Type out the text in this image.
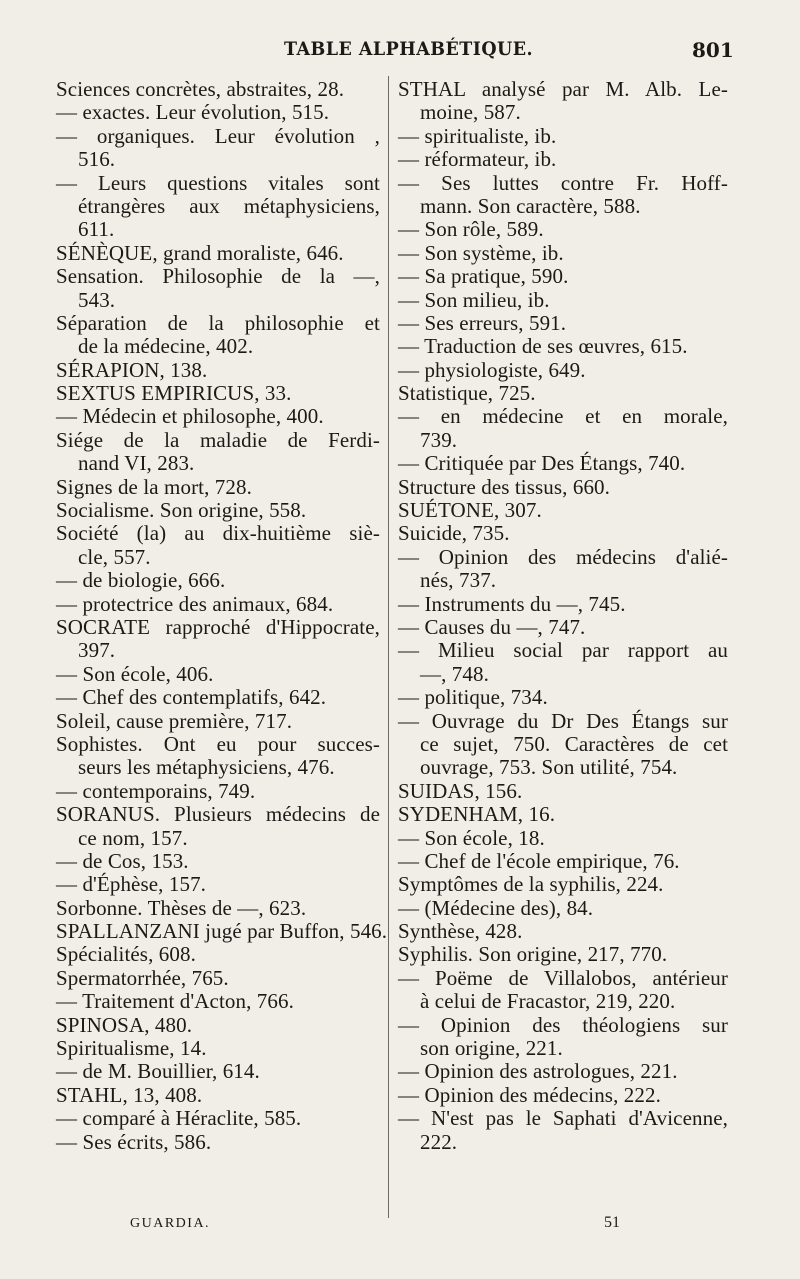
TABLE ALPHABÉTIQUE.	801
Sciences concrètes, abstraites, 28.
— exactes. Leur évolution, 515.
— organiques. Leur évolution ,
516.
— Leurs questions vitales sont
étrangères aux métaphysiciens,
611.
SÉNÈQUE, grand moraliste, 646.
Sensation. Philosophie de la —,
543.
Séparation de la philosophie et
de la médecine, 402.
SÉRAPION, 138.
SEXTUS EMPIRICUS, 33.
— Médecin et philosophe, 400.
Siége de la maladie de Ferdi-
nand VI, 283.
Signes de la mort, 728.
Socialisme. Son origine, 558.
Société (la) au dix-huitième siè-
cle, 557.
— de biologie, 666.
— protectrice des animaux, 684.
SOCRATE rapproché d'Hippocrate,
397.
— Son école, 406.
— Chef des contemplatifs, 642.
Soleil, cause première, 717.
Sophistes. Ont eu pour succes-
seurs les métaphysiciens, 476.
— contemporains, 749.
SORANUS. Plusieurs médecins de
ce nom, 157.
— de Cos, 153.
— d'Éphèse, 157.
Sorbonne. Thèses de —, 623.
SPALLANZANI jugé par Buffon, 546.
Spécialités, 608.
Spermatorrhée, 765.
— Traitement d'Acton, 766.
SPINOSA, 480.
Spiritualisme, 14.
— de M. Bouillier, 614.
STAHL, 13, 408.
— comparé à Héraclite, 585.
— Ses écrits, 586.
STHAL analysé par M. Alb. Le-
moine, 587.
— spiritualiste, ib.
— réformateur, ib.
— Ses luttes contre Fr. Hoff-
mann. Son caractère, 588.
— Son rôle, 589.
— Son système, ib.
— Sa pratique, 590.
— Son milieu, ib.
— Ses erreurs, 591.
— Traduction de ses œuvres, 615.
— physiologiste, 649.
Statistique, 725.
— en médecine et en morale,
739.
— Critiquée par Des Étangs, 740.
Structure des tissus, 660.
SUÉTONE, 307.
Suicide, 735.
— Opinion des médecins d'alié-
nés, 737.
— Instruments du —, 745.
— Causes du —, 747.
— Milieu social par rapport au
—, 748.
— politique, 734.
— Ouvrage du Dr Des Étangs sur
ce sujet, 750. Caractères de cet
ouvrage, 753. Son utilité, 754.
SUIDAS, 156.
SYDENHAM, 16.
— Son école, 18.
— Chef de l'école empirique, 76.
Symptômes de la syphilis, 224.
— (Médecine des), 84.
Synthèse, 428.
Syphilis. Son origine, 217, 770.
— Poëme de Villalobos, antérieur
à celui de Fracastor, 219, 220.
— Opinion des théologiens sur
son origine, 221.
— Opinion des astrologues, 221.
— Opinion des médecins, 222.
— N'est pas le Saphati d'Avicenne,
222.
GUARDIA.	51
